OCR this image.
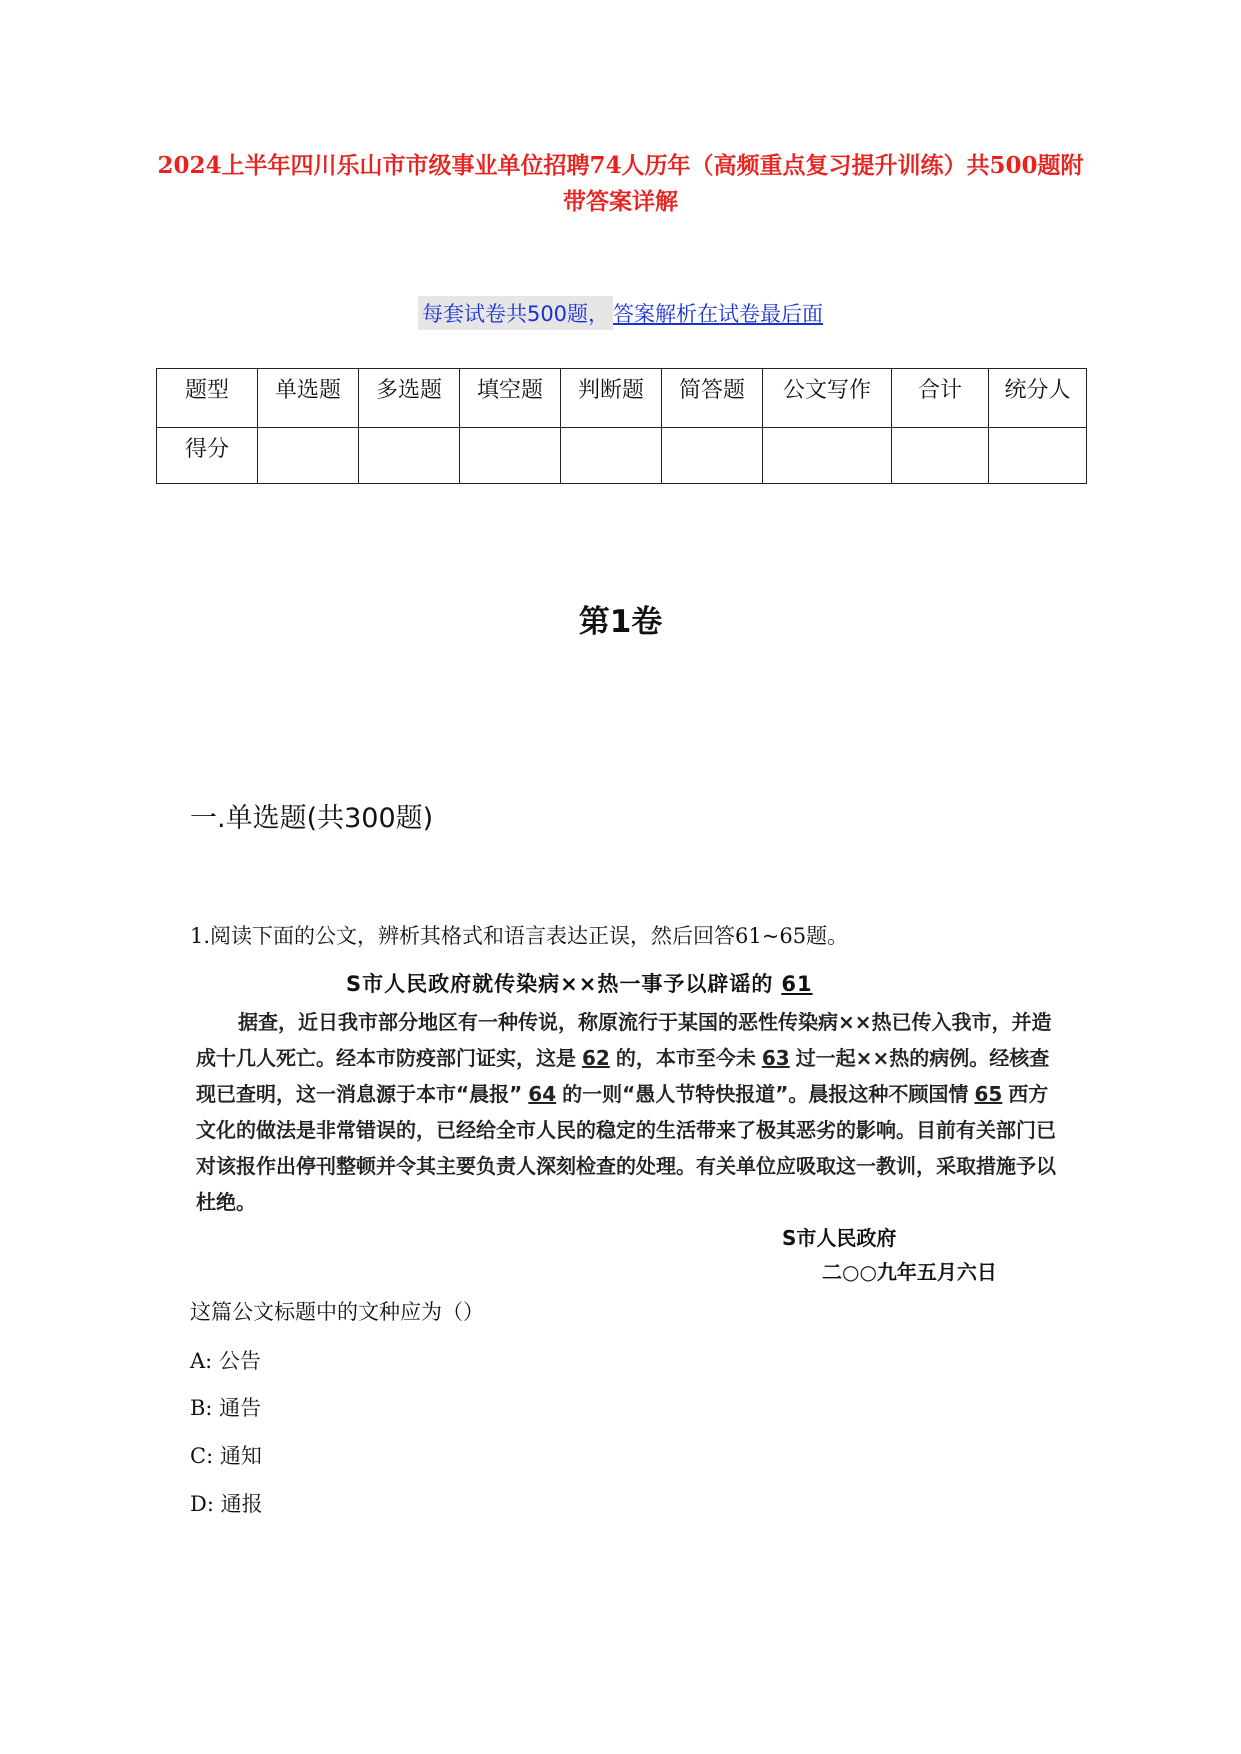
2024上半年四川乐山市市级事业单位招聘74人历年（高频重点复习提升训练）共500题附带答案详解
每套试卷共500题， 答案解析在试卷最后面
题型	单选题	多选题	填空题	判断题	简答题	公文写作	合计	统分人
得分								
第1卷
一.单选题(共300题)
1.阅读下面的公文，辨析其格式和语言表达正误，然后回答61~65题。
S市人民政府就传染病××热一事予以辟谣的 61
据查，近日我市部分地区有一种传说，称原流行于某国的恶性传染病××热已传入我市，并造成十几人死亡。经本市防疫部门证实，这是 62 的，本市至今未 63 过一起××热的病例。经核查现已查明，这一消息源于本市“晨报” 64 的一则“愚人节特快报道”。晨报这种不顾国情 65 西方文化的做法是非常错误的，已经给全市人民的稳定的生活带来了极其恶劣的影响。目前有关部门已对该报作出停刊整顿并令其主要负责人深刻检查的处理。有关单位应吸取这一教训，采取措施予以杜绝。
S市人民政府
二○○九年五月六日
这篇公文标题中的文种应为（）
A: 公告
B: 通告
C: 通知
D: 通报
